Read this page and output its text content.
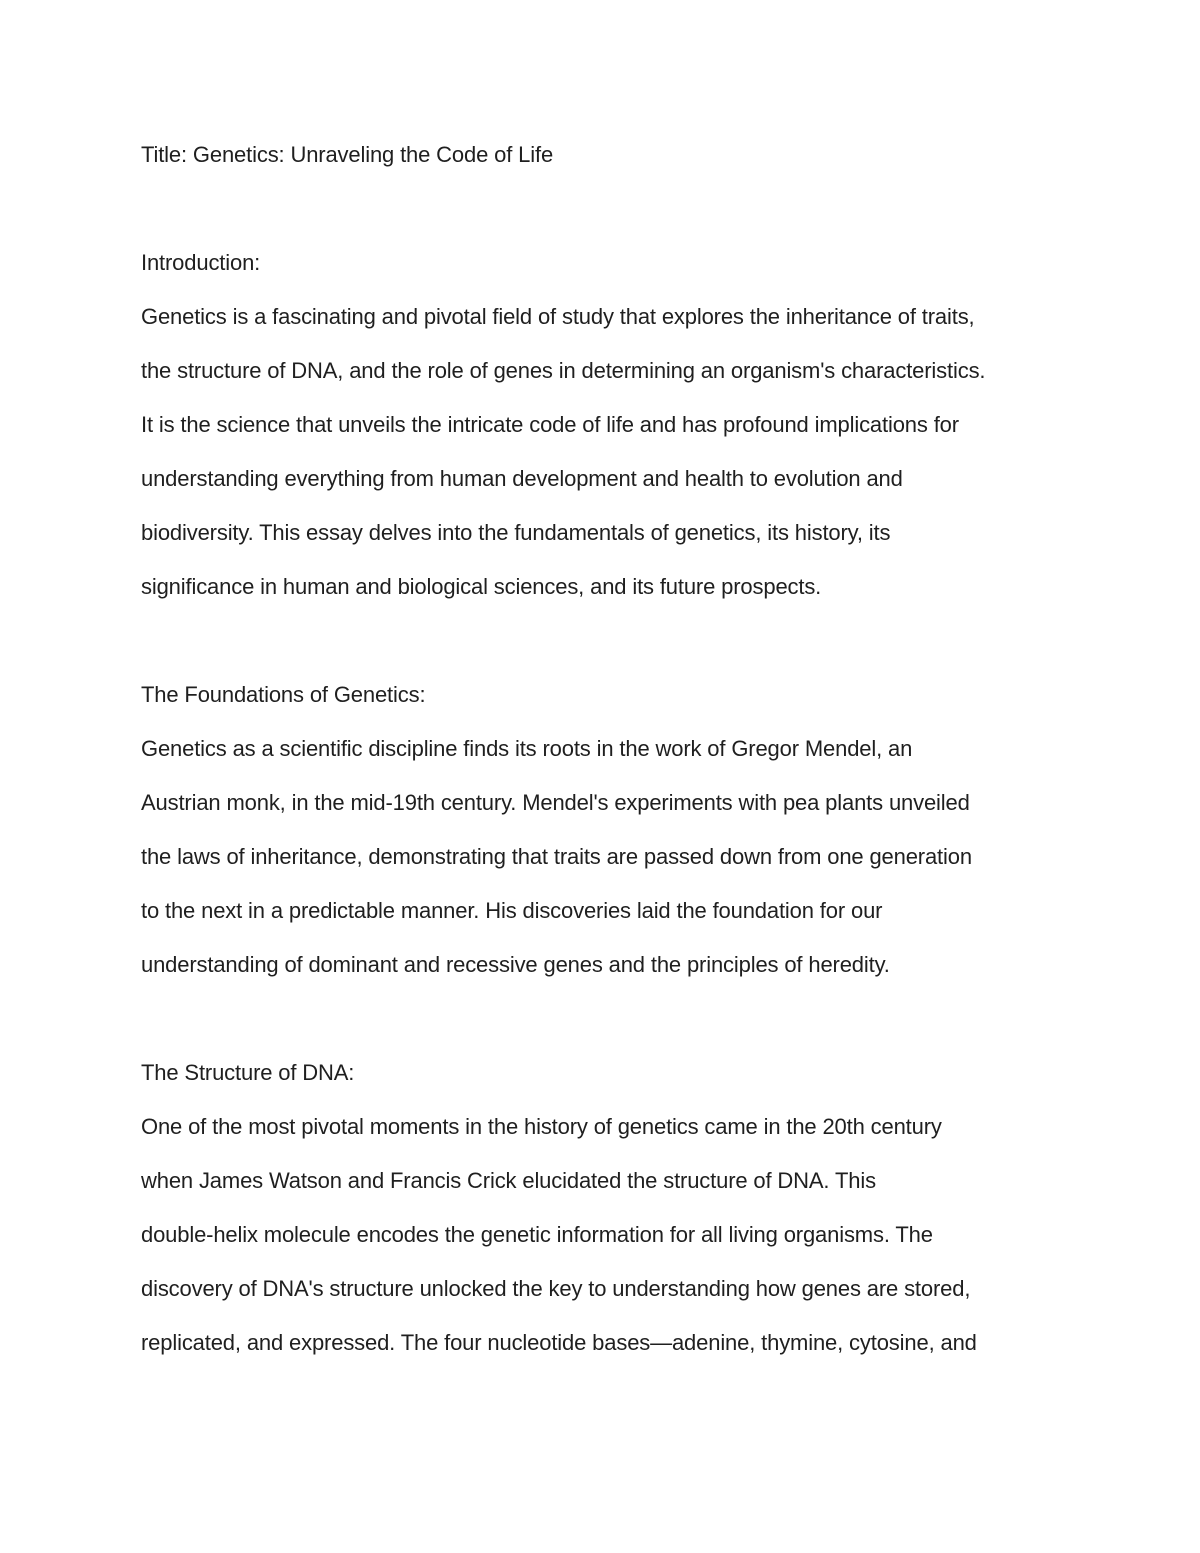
Title: Genetics: Unraveling the Code of Life
Introduction:
Genetics is a fascinating and pivotal field of study that explores the inheritance of traits,
the structure of DNA, and the role of genes in determining an organism's characteristics.
It is the science that unveils the intricate code of life and has profound implications for
understanding everything from human development and health to evolution and
biodiversity. This essay delves into the fundamentals of genetics, its history, its
significance in human and biological sciences, and its future prospects.
The Foundations of Genetics:
Genetics as a scientific discipline finds its roots in the work of Gregor Mendel, an
Austrian monk, in the mid-19th century. Mendel's experiments with pea plants unveiled
the laws of inheritance, demonstrating that traits are passed down from one generation
to the next in a predictable manner. His discoveries laid the foundation for our
understanding of dominant and recessive genes and the principles of heredity.
The Structure of DNA:
One of the most pivotal moments in the history of genetics came in the 20th century
when James Watson and Francis Crick elucidated the structure of DNA. This
double-helix molecule encodes the genetic information for all living organisms. The
discovery of DNA's structure unlocked the key to understanding how genes are stored,
replicated, and expressed. The four nucleotide bases—adenine, thymine, cytosine, and
